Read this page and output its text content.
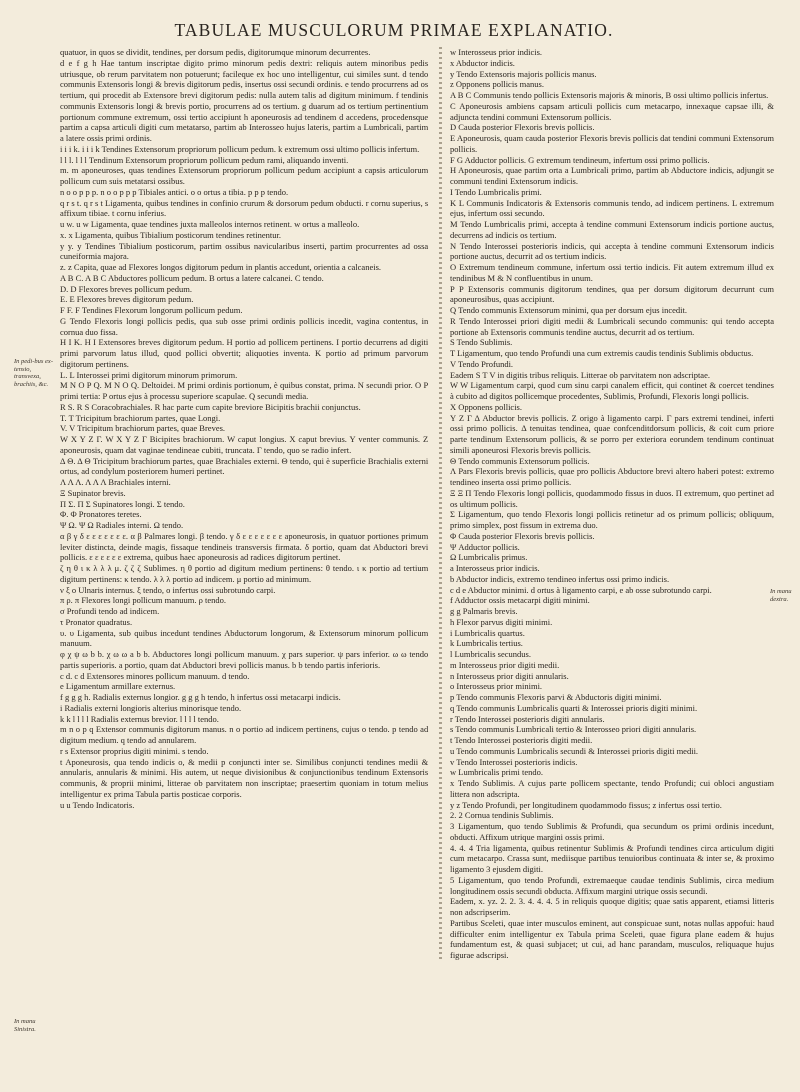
TABULAE MUSCULORUM PRIMAE EXPLANATIO.
In pedi-bus ex-tensio, transvexa, brachiis, &c.
In manu Sinistra.
In manu dextra.

quatuor, in quos se dividit, tendines, per dorsum pedis, digitorumque minorum decurrentes.

d e f g h Hae tantum inscriptae digito primo minorum pedis dextri: reliquis autem minoribus pedis utriusque, ob rerum parvitatem non potuerunt; facileque ex hoc uno intelligentur, cui similes sunt. d tendo communis Extensoris longi & brevis digitorum pedis, insertus ossi secundi ordinis. e tendo procurrens ad os tertium, qui procedit ab Extensore brevi digitorum pedis: nulla autem talis ad digitum minimum. f tendinis communis Extensoris longi & brevis portio, procurrens ad os tertium. g duarum ad os tertium pertinentium portionum commune extremum, ossi tertio accipiunt h aponeurosis ad tendinem d accedens, procedensque partim a capsa articuli digiti cum metatarso, partim ab Interosseo hujus lateris, partim a Lumbricali, partim a latere ossis primi ordinis.

i i i k. i i i k Tendines Extensorum propriorum pollicum pedum. k extremum ossi ultimo pollicis infertum.

l l l. l l l Tendinum Extensorum propriorum pollicum pedum rami, aliquando inventi.

m. m aponeuroses, quas tendines Extensorum propriorum pollicum pedum accipiunt a capsis articulorum pollicum cum suis metatarsi ossibus.

n o o p p p. n o o p p p Tibiales antici. o o ortus a tibia. p p p tendo.

q r s t. q r s t Ligamenta, quibus tendines in confinio crurum & dorsorum pedum obducti. r cornu superius, s affixum tibiae. t cornu inferius.

u w. u w Ligamenta, quae tendines juxta malleolos internos retinent. w ortus a malleolo.

x. x Ligamenta, quibus Tibialium posticorum tendines retinentur.

y y. y Tendines Tibialium posticorum, partim ossibus navicularibus inserti, partim procurrentes ad ossa cuneiformia majora.

z. z Capita, quae ad Flexores longos digitorum pedum in plantis accedunt, orientia a calcaneis.

A B C. A B C Abductores pollicum pedum. B ortus a latere calcanei. C tendo.

D. D Flexores breves pollicum pedum.

E. E Flexores breves digitorum pedum.

F F. F Tendines Flexorum longorum pollicum pedum.

G Tendo Flexoris longi pollicis pedis, qua sub osse primi ordinis pollicis incedit, vagina contentus, in cornua duo fissa.

H I K. H I Extensores breves digitorum pedum. H portio ad pollicem pertinens. I portio decurrens ad digiti primi parvorum latus illud, quod pollici obvertit; aliquoties inventa. K portio ad primum parvorum digitorum pertinens.

L. L Interossei primi digitorum minorum primorum.

M N O P Q. M N O Q. Deltoidei. M primi ordinis portionum, è quibus constat, prima. N secundi prior. O P primi tertia: P ortus ejus à processu superiore scapulae. Q secundi media.

R S. R S Coracobrachiales. R hac parte cum capite breviore Bicipitis brachii conjunctus.

T. T Tricipitum brachiorum partes, quae Longi.

V. V Tricipitum brachiorum partes, quae Breves.

W X Y Z Γ. W X Y Z Γ Bicipites brachiorum. W caput longius. X caput brevius. Y venter communis. Z aponeurosis, quam dat vaginae tendineae cubiti, truncata. Γ tendo, quo se radio infert.

Δ Θ. Δ Θ Tricipitum brachiorum partes, quae Brachiales externi. Θ tendo, qui è superficie Brachialis externi ortus, ad condylum posteriorem humeri pertinet.

Λ Λ Λ. Λ Λ Λ Brachiales interni.

Ξ Supinator brevis.

Π Σ. Π Σ Supinatores longi. Σ tendo.

Φ. Φ Pronatores teretes.

Ψ Ω. Ψ Ω Radiales interni. Ω tendo.

α β γ δ ε ε ε ε ε ε ε. α β Palmares longi. β tendo. γ δ ε ε ε ε ε ε ε aponeurosis, in quatuor portiones primum leviter distincta, deinde magis, fissaque tendineis transversis firmata. δ portio, quam dat Abductori brevi pollicis. ε ε ε ε ε ε extrema, quibus haec aponeurosis ad radices digitorum pertinet.

ζ η θ ι κ λ λ λ μ. ζ ζ ζ Sublimes. η θ portio ad digitum medium pertinens: θ tendo. ι κ portio ad tertium digitum pertinens: κ tendo. λ λ λ portio ad indicem. μ portio ad minimum.

ν ξ ο Ulnaris internus. ξ tendo, ο infertus ossi subrotundo carpi.

π ρ. π Flexores longi pollicum manuum. ρ tendo.

σ Profundi tendo ad indicem.

τ Pronator quadratus.

υ. υ Ligamenta, sub quibus incedunt tendines Abductorum longorum, & Extensorum minorum pollicum manuum.

φ χ ψ ω b b. χ ω ω a b b. Abductores longi pollicum manuum. χ pars superior. ψ pars inferior. ω ω tendo partis superioris. a portio, quam dat Abductori brevi pollicis manus. b b tendo partis inferioris.

c d. c d Extensores minores pollicum manuum. d tendo.

e Ligamentum armillare externus.

f g g g h. Radialis externus longior. g g g h tendo, h infertus ossi metacarpi indicis.

i Radialis externi longioris alterius minorisque tendo.

k k l l l l Radialis externus brevior. l l l l tendo.

m n o p q Extensor communis digitorum manus. n o portio ad indicem pertinens, cujus o tendo. p tendo ad digitum medium. q tendo ad annularem.

r s Extensor proprius digiti minimi. s tendo.

t Aponeurosis, qua tendo indicis o, & medii p conjuncti inter se. Similibus conjuncti tendines medii & annularis, annularis & minimi. His autem, ut neque divisionibus & conjunctionibus tendinum Extensoris communis, & proprii minimi, litterae ob parvitatem non inscriptae; praesertim quoniam in totum melius intelligentur ex prima Tabula partis posticae corporis.

u u Tendo Indicatoris.

w Interosseus prior indicis.

x Abductor indicis.

y Tendo Extensoris majoris pollicis manus.

z Opponens pollicis manus.

A B C Communis tendo pollicis Extensoris majoris & minoris, B ossi ultimo pollicis infertus.

C Aponeurosis ambiens capsam articuli pollicis cum metacarpo, innexaque capsae illi, & adjuncta tendini communi Extensorum pollicis.

D Cauda posterior Flexoris brevis pollicis.

E Aponeurosis, quam cauda posterior Flexoris brevis pollicis dat tendini communi Extensorum pollicis.

F G Adductor pollicis. G extremum tendineum, infertum ossi primo pollicis.

H Aponeurosis, quae partim orta a Lumbricali primo, partim ab Abductore indicis, adjungit se communi tendini Extensorum indicis.

I Tendo Lumbricalis primi.

K L Communis Indicatoris & Extensoris communis tendo, ad indicem pertinens. L extremum ejus, infertum ossi secundo.

M Tendo Lumbricalis primi, accepta à tendine communi Extensorum indicis portione auctus, decurrens ad indicis os tertium.

N Tendo Interossei posterioris indicis, qui accepta à tendine communi Extensorum indicis portione auctus, decurrit ad os tertium indicis.

O Extremum tendineum commune, infertum ossi tertio indicis. Fit autem extremum illud ex tendinibus M & N confluentibus in unum.

P P Extensoris communis digitorum tendines, qua per dorsum digitorum decurrunt cum aponeurosibus, quas accipiunt.

Q Tendo communis Extensorum minimi, qua per dorsum ejus incedit.

R Tendo Interossei priori digiti medii & Lumbricali secundo communis: qui tendo accepta portione ab Extensoris communis tendine auctus, decurrit ad os tertium.

S Tendo Sublimis.

T Ligamentum, quo tendo Profundi una cum extremis caudis tendinis Sublimis obductus.

V Tendo Profundi.

Eadem S T V in digitis tribus reliquis. Litterae ob parvitatem non adscriptae.

W W Ligamentum carpi, quod cum sinu carpi canalem efficit, qui continet & coercet tendines à cubito ad digitos pollicemque procedentes, Sublimis, Profundi, Flexoris longi pollicis.

X Opponens pollicis.

Y Z Γ Δ Abductor brevis pollicis. Z origo à ligamento carpi. Γ pars extremi tendinei, inferti ossi primo pollicis. Δ tenuitas tendinea, quae confcenditdorsum pollicis, & coit cum priore parte tendinum Extensorum pollicis, & se porro per exteriora eorundem tendinum continuat simili aponeurosi Flexoris brevis pollicis.

Θ Tendo communis Extensorum pollicis.

Λ Pars Flexoris brevis pollicis, quae pro pollicis Abductore brevi altero haberi potest: extremo tendineo inserta ossi primo pollicis.

Ξ Ξ Π Tendo Flexoris longi pollicis, quodammodo fissus in duos. Π extremum, quo pertinet ad os ultimum pollicis.

Σ Ligamentum, quo tendo Flexoris longi pollicis retinetur ad os primum pollicis; obliquum, primo simplex, post fissum in extrema duo.

Φ Cauda posterior Flexoris brevis pollicis.

Ψ Adductor pollicis.

Ω Lumbricalis primus.

a Interosseus prior indicis.

b Abductor indicis, extremo tendineo infertus ossi primo indicis.

c d e Abductor minimi. d ortus à ligamento carpi, e ab osse subrotundo carpi.

f Adductor ossis metacarpi digiti minimi.

g g Palmaris brevis.

h Flexor parvus digiti minimi.

i Lumbricalis quartus.

k Lumbricalis tertius.

l Lumbricalis secundus.

m Interosseus prior digiti medii.

n Interosseus prior digiti annularis.

o Interosseus prior minimi.

p Tendo communis Flexoris parvi & Abductoris digiti minimi.

q Tendo communis Lumbricalis quarti & Interossei prioris digiti minimi.

r Tendo Interossei posterioris digiti annularis.

s Tendo communis Lumbricali tertio & Interosseo priori digiti annularis.

t Tendo Interossei posterioris digiti medii.

u Tendo communis Lumbricalis secundi & Interossei prioris digiti medii.

v Tendo Interossei posterioris indicis.

w Lumbricalis primi tendo.

x Tendo Sublimis. A cujus parte pollicem spectante, tendo Profundi; cui obloci angustiam littera non adscripta.

y z Tendo Profundi, per longitudinem quodammodo fissus; z infertus ossi tertio.

2. 2 Cornua tendinis Sublimis.

3 Ligamentum, quo tendo Sublimis & Profundi, qua secundum os primi ordinis incedunt, obducti. Affixum utrique margini ossis primi.

4. 4. 4 Tria ligamenta, quibus retinentur Sublimis & Profundi tendines circa articulum digiti cum metacarpo. Crassa sunt, mediisque partibus tenuioribus continuata & inter se, & proximo ligamento 3 ejusdem digiti.

5 Ligamentum, quo tendo Profundi, extremaeque caudae tendinis Sublimis, circa medium longitudinem ossis secundi obducta. Affixum margini utrique ossis secundi.

Eadem, x. yz. 2. 2. 3. 4. 4. 4. 5 in reliquis quoque digitis; quae satis apparent, etiamsi litteris non adscripserim.

Partibus Sceleti, quae inter musculos eminent, aut conspicuae sunt, notas nullas appofui: haud difficulter enim intelligentur ex Tabula prima Sceleti, quae figura plane eadem & hujus fundamentum est, & quasi subjacet; ut cui, ad hanc parandam, musculos, reliquaque hujus figurae adscripsi.
